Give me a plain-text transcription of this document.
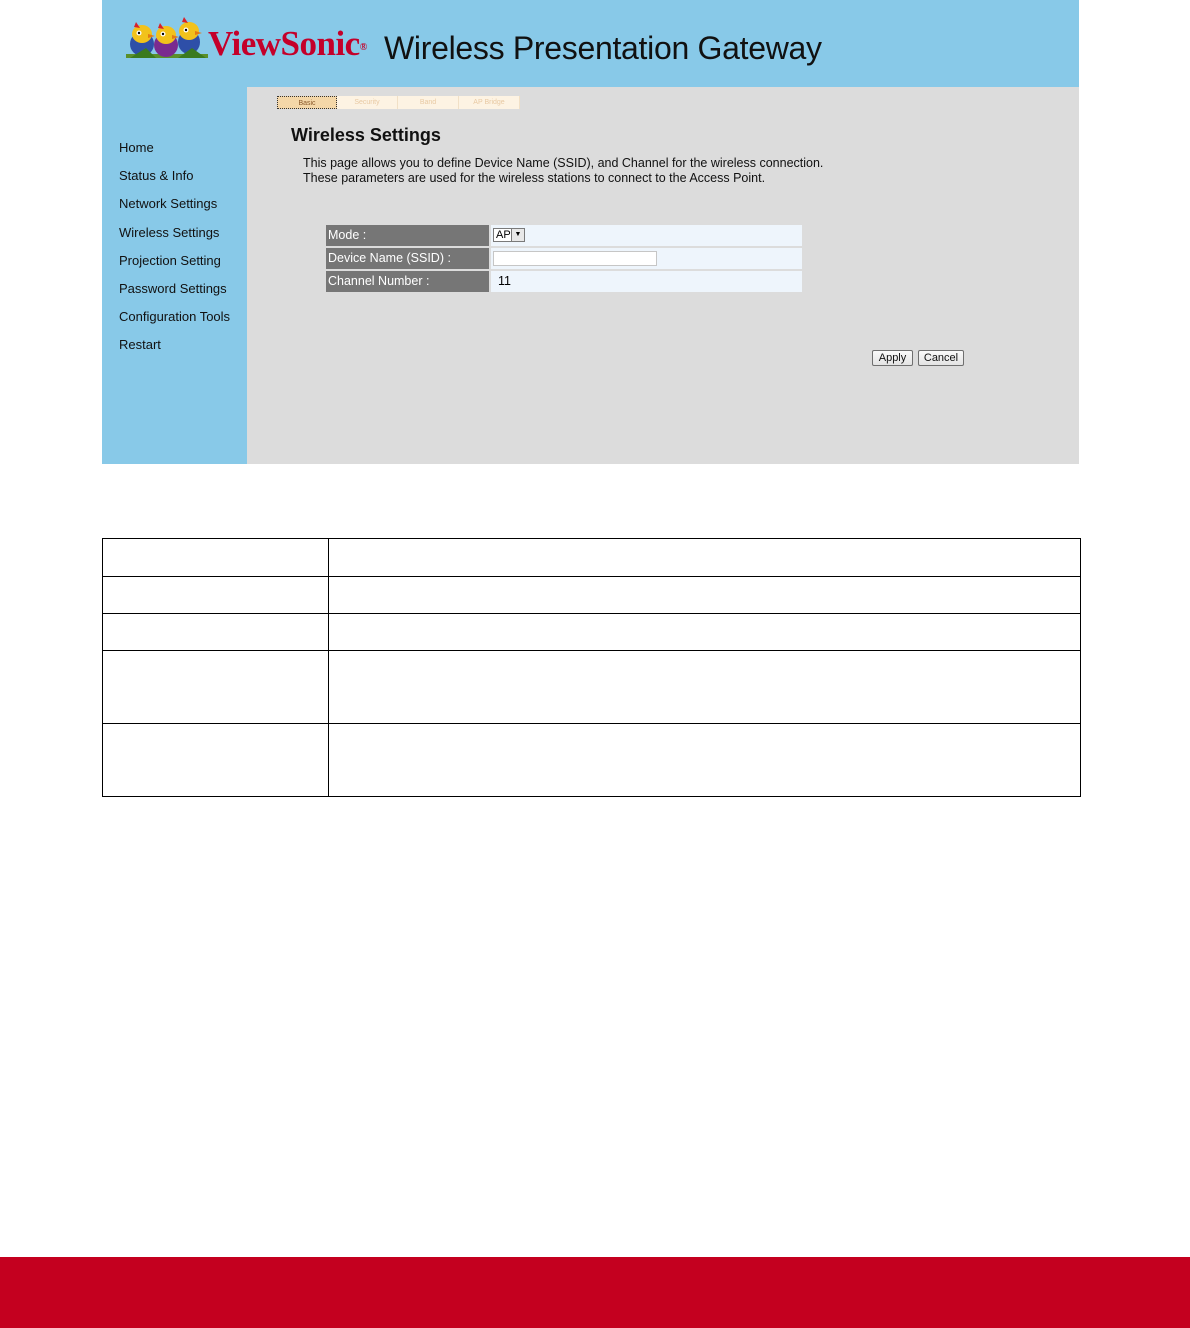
ViewSonic® Wireless Presentation Gateway
Home
Status & Info
Network Settings
Wireless Settings
Projection Setting
Password Settings
Configuration Tools
Restart
Basic	Security	Band	AP Bridge
Wireless Settings
This page allows you to define Device Name (SSID), and Channel for the wireless connection.
These parameters are used for the wireless stations to connect to the Access Point.
Mode :	AP ▼
Device Name (SSID) :
Channel Number :	11
Apply	Cancel
